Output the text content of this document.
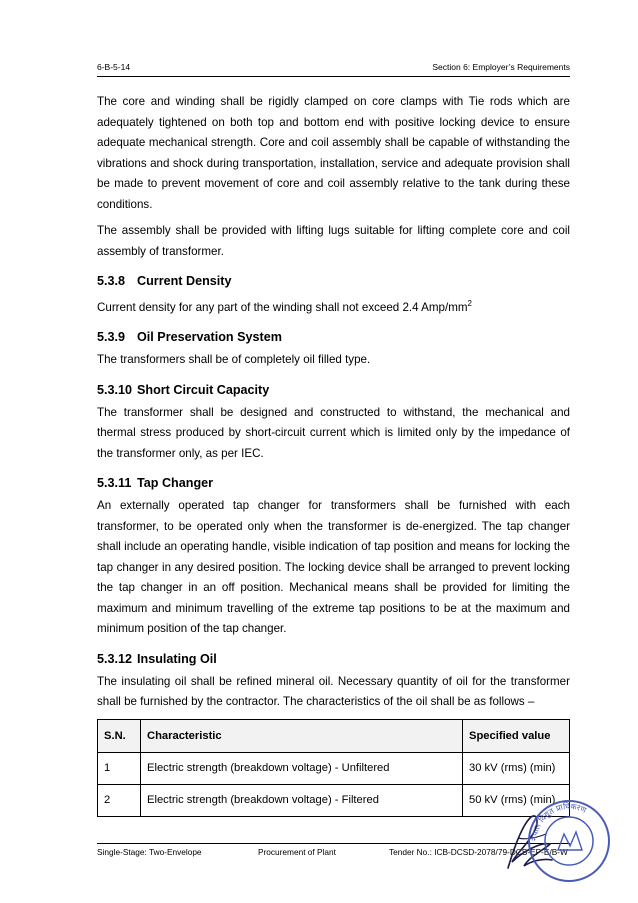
6-B-5-14	Section 6: Employer’s Requirements

The core and winding shall be rigidly clamped on core clamps with Tie rods which are adequately tightened on both top and bottom end with positive locking device to ensure adequate mechanical strength. Core and coil assembly shall be capable of withstanding the vibrations and shock during transportation, installation, service and adequate provision shall be made to prevent movement of core and coil assembly relative to the tank during these conditions.

The assembly shall be provided with lifting lugs suitable for lifting complete core and coil assembly of transformer.

5.3.8 Current Density

Current density for any part of the winding shall not exceed 2.4 Amp/$mm^2$

5.3.9 Oil Preservation System

The transformers shall be of completely oil filled type.

5.3.10 Short Circuit Capacity

The transformer shall be designed and constructed to withstand, the mechanical and thermal stress produced by short-circuit current which is limited only by the impedance of the transformer only, as per IEC.

5.3.11 Tap Changer

An externally operated tap changer for transformers shall be furnished with each transformer, to be operated only when the transformer is de-energized. The tap changer shall include an operating handle, visible indication of tap position and means for locking the tap changer in any desired position. The locking device shall be arranged to prevent locking the tap changer in an off position. Mechanical means shall be provided for limiting the maximum and minimum travelling of the extreme tap positions to be at the maximum and minimum position of the tap changer.

5.3.12 Insulating Oil

The insulating oil shall be refined mineral oil. Necessary quantity of oil for the transformer shall be furnished by the contractor. The characteristics of the oil shall be as follows –

S.N.	Characteristic	Specified value
1	Electric strength (breakdown voltage) - Unfiltered	30 kV (rms) (min)
2	Electric strength (breakdown voltage) - Filtered	50 kV (rms) (min)
Single-Stage: Two-Envelope	Procurement of Plant	Tender No.: ICB-DCSD-2078/79-DCS-EP-E/B-W
नेपाल विद्युत प्राधिकरण
